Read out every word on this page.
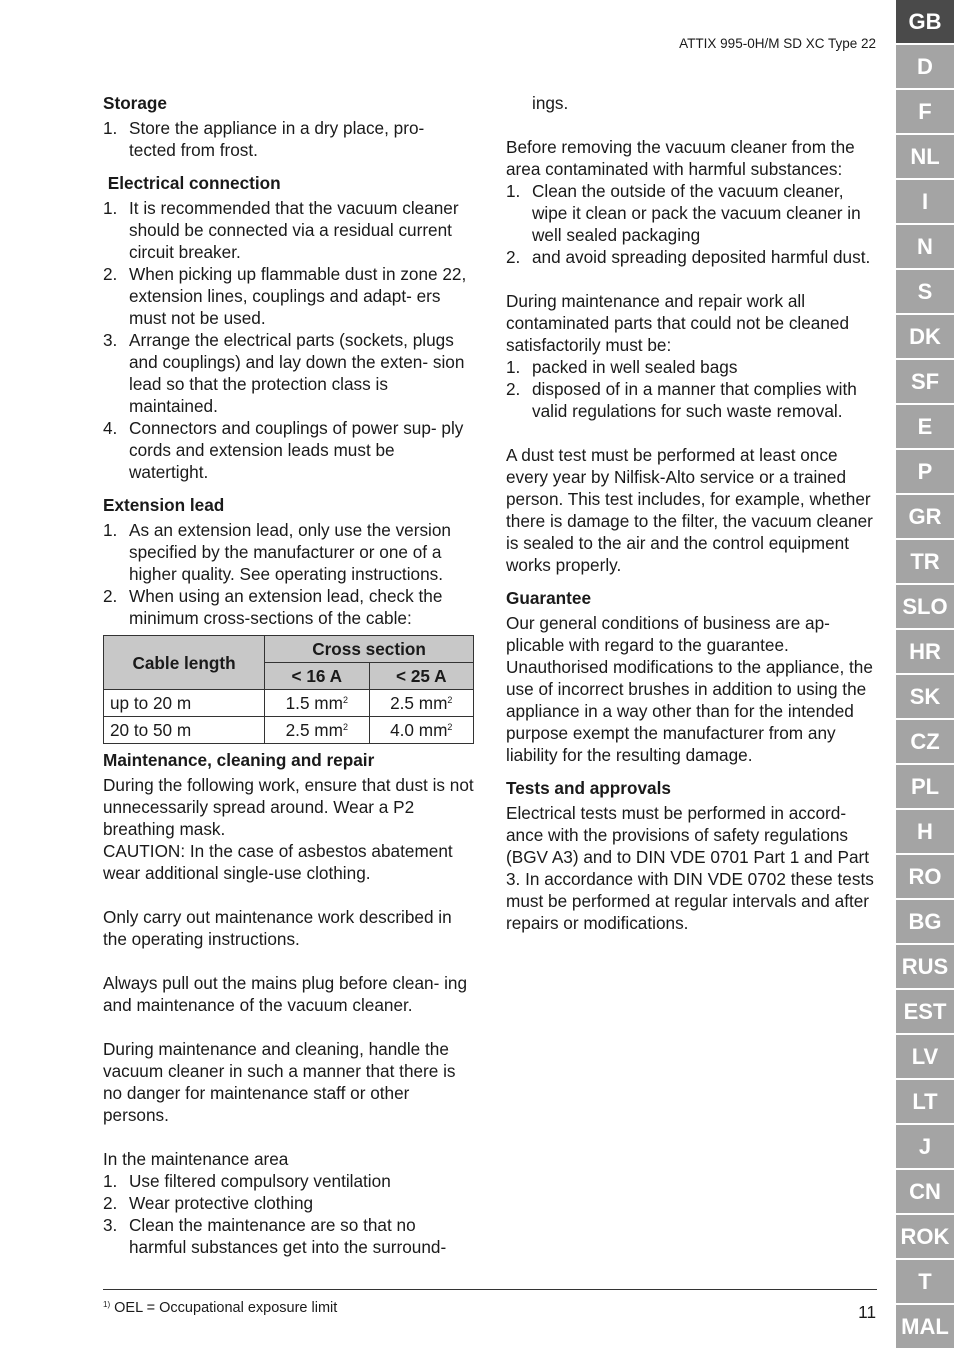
ATTIX 995-0H/M SD XC Type 22
Storage
1. Store the appliance in a dry place, pro- tected from frost.
Electrical connection
1. It is recommended that the vacuum cleaner should be connected via a residual current circuit breaker.
2. When picking up flammable dust in zone 22, extension lines, couplings and adapt- ers must not be used.
3. Arrange the electrical parts (sockets, plugs and couplings) and lay down the exten- sion lead so that the protection class is maintained.
4. Connectors and couplings of power sup- ply cords and extension leads must be watertight.
Extension lead
1. As an extension lead, only use the version specified by the manufacturer or one of a higher quality. See operating instructions.
2. When using an extension lead, check the minimum cross-sections of the cable:
Cable length	Cross section	
	< 16 A	< 25 A
up to 20 m	1.5 $mm^2$	2.5 $mm^2$
20 to 50 m	2.5 $mm^2$	4.0 $mm^2$
Maintenance, cleaning and repair

During the following work, ensure that dust is not unnecessarily spread around. Wear a P2 breathing mask.

CAUTION: In the case of asbestos abatement wear additional single-use clothing.

Only carry out maintenance work described in the operating instructions.

Always pull out the mains plug before clean- ing and maintenance of the vacuum cleaner.

During maintenance and cleaning, handle the vacuum cleaner in such a manner that there is no danger for maintenance staff or other persons.

In the maintenance area

1. Use filtered compulsory ventilation
2. Wear protective clothing
3. Clean the maintenance are so that no harmful substances get into the surround-

ings.

Before removing the vacuum cleaner from the area contaminated with harmful substances:

1. Clean the outside of the vacuum cleaner, wipe it clean or pack the vacuum cleaner in well sealed packaging
2. and avoid spreading deposited harmful dust.

During maintenance and repair work all contaminated parts that could not be cleaned satisfactorily must be:

1. packed in well sealed bags
2. disposed of in a manner that complies with valid regulations for such waste removal.

A dust test must be performed at least once every year by Nilfisk-Alto service or a trained person. This test includes, for example, whether there is damage to the filter, the vacuum cleaner is sealed to the air and the control equipment works properly.

Guarantee

Our general conditions of business are ap- plicable with regard to the guarantee. Unauthorised modifications to the appliance, the use of incorrect brushes in addition to using the appliance in a way other than for the intended purpose exempt the manufacturer from any liability for the resulting damage.

Tests and approvals

Electrical tests must be performed in accord- ance with the provisions of safety regulations (BGV A3) and to DIN VDE 0701 Part 1 and Part 3. In accordance with DIN VDE 0702 these tests must be performed at regular intervals and after repairs or modifications.

$^{1)}$ OEL = Occupational exposure limit	11
GB
D
F
NL
I
N
S
DK
SF
E
P
GR
TR
SLO
HR
SK
CZ
PL
H
RO
BG
RUS
EST
LV
LT
J
CN
ROK
T
MAL
